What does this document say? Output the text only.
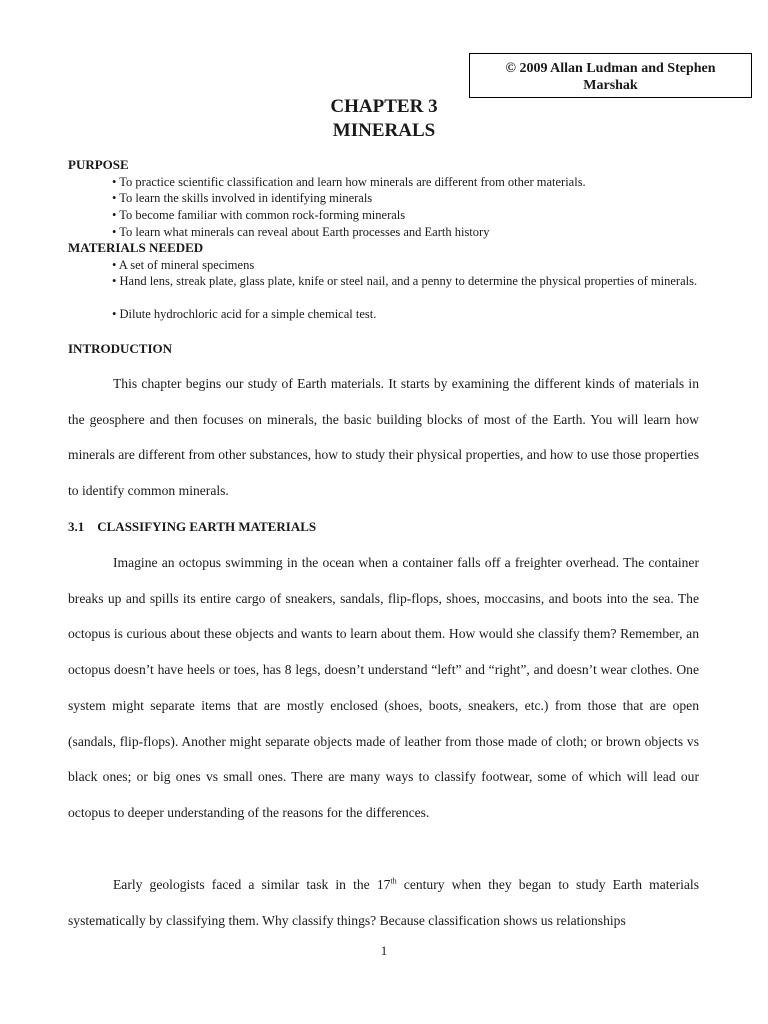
© 2009 Allan Ludman and Stephen Marshak
CHAPTER 3
MINERALS
PURPOSE
• To practice scientific classification and learn how minerals are different from other materials.
• To learn the skills involved in identifying minerals
• To become familiar with common rock-forming minerals
• To learn what minerals can reveal about Earth processes and Earth history
MATERIALS NEEDED
• A set of mineral specimens
• Hand lens, streak plate, glass plate, knife or steel nail, and a penny to determine the physical properties of minerals.
• Dilute hydrochloric acid for a simple chemical test.
INTRODUCTION
This chapter begins our study of Earth materials. It starts by examining the different kinds of materials in the geosphere and then focuses on minerals, the basic building blocks of most of the Earth. You will learn how minerals are different from other substances, how to study their physical properties, and how to use those properties to identify common minerals.
3.1    CLASSIFYING EARTH MATERIALS
Imagine an octopus swimming in the ocean when a container falls off a freighter overhead. The container breaks up and spills its entire cargo of sneakers, sandals, flip-flops, shoes, moccasins, and boots into the sea. The octopus is curious about these objects and wants to learn about them. How would she classify them? Remember, an octopus doesn’t have heels or toes, has 8 legs, doesn’t understand “left” and “right”, and doesn’t wear clothes. One system might separate items that are mostly enclosed (shoes, boots, sneakers, etc.) from those that are open (sandals, flip-flops). Another might separate objects made of leather from those made of cloth; or brown objects vs black ones; or big ones vs small ones. There are many ways to classify footwear, some of which will lead our octopus to deeper understanding of the reasons for the differences.
Early geologists faced a similar task in the 17th century when they began to study Earth materials systematically by classifying them. Why classify things? Because classification shows us relationships
1
